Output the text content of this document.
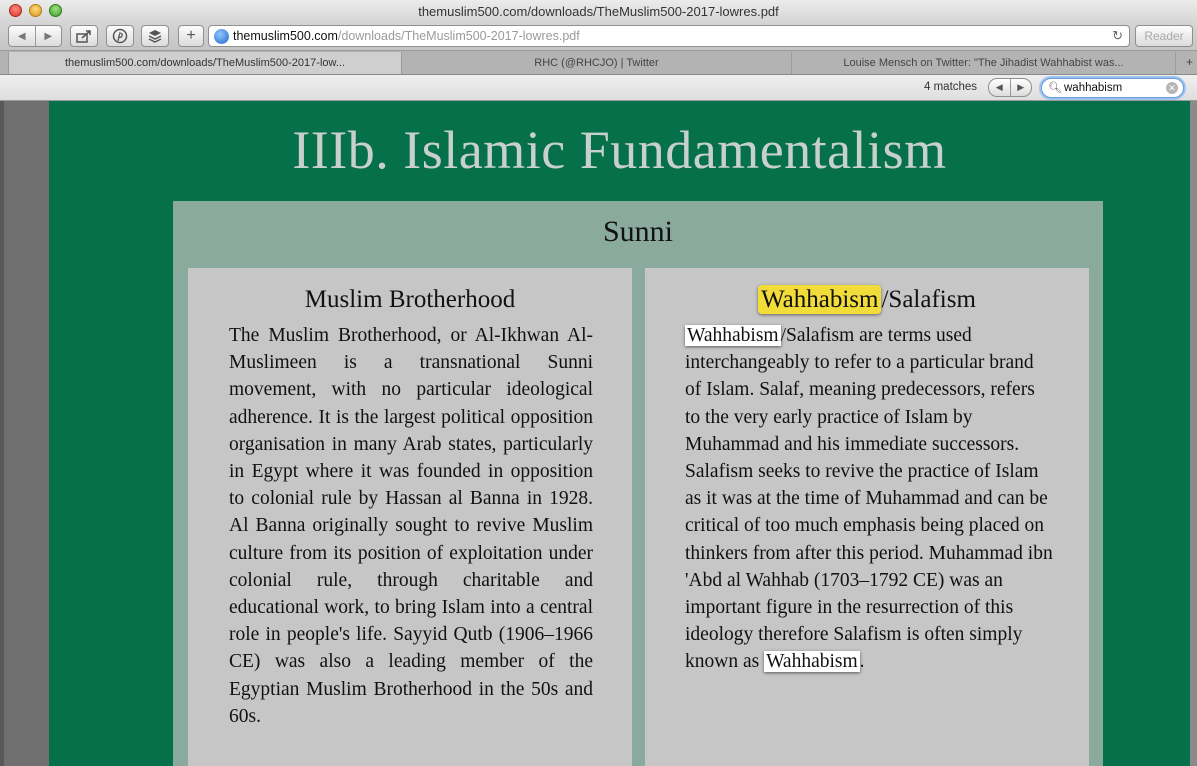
themuslim500.com/downloads/TheMuslim500-2017-lowres.pdf
◀	▶	+	themuslim500.com /downloads/TheMuslim500-2017-lowres.pdf	↻	Reader
themuslim500.com/downloads/TheMuslim500-2017-low...	RHC (@RHCJO) | Twitter	Louise Mensch on Twitter: "The Jihadist Wahhabist was...	+
4 matches	◀	▶	🔍︎ wahhabism	✕
IIIb. Islamic Fundamentalism
Sunni
Muslim Brotherhood

The Muslim Brotherhood, or Al-Ikhwan Al-Muslimeen is a transnational Sunni movement, with no particular ideological adherence. It is the largest political opposition organisation in many Arab states, particularly in Egypt where it was founded in opposition to colonial rule by Hassan al Banna in 1928. Al Banna originally sought to revive Muslim culture from its position of exploitation under colonial rule, through charitable and educational work, to bring Islam into a central role in people's life. Sayyid Qutb (1906–1966 CE) was also a leading member of the Egyptian Muslim Brotherhood in the 50s and 60s.

Wahhabism /Salafism

Wahhabism /Salafism are terms used interchangeably to refer to a particular brand of Islam. Salaf, meaning predecessors, refers to the very early practice of Islam by Muhammad and his immediate successors. Salafism seeks to revive the practice of Islam as it was at the time of Muhammad and can be critical of too much emphasis being placed on thinkers from after this period. Muhammad ibn 'Abd al Wahhab (1703–1792 CE) was an important figure in the resurrection of this ideology therefore Salafism is often simply known as Wahhabism .
